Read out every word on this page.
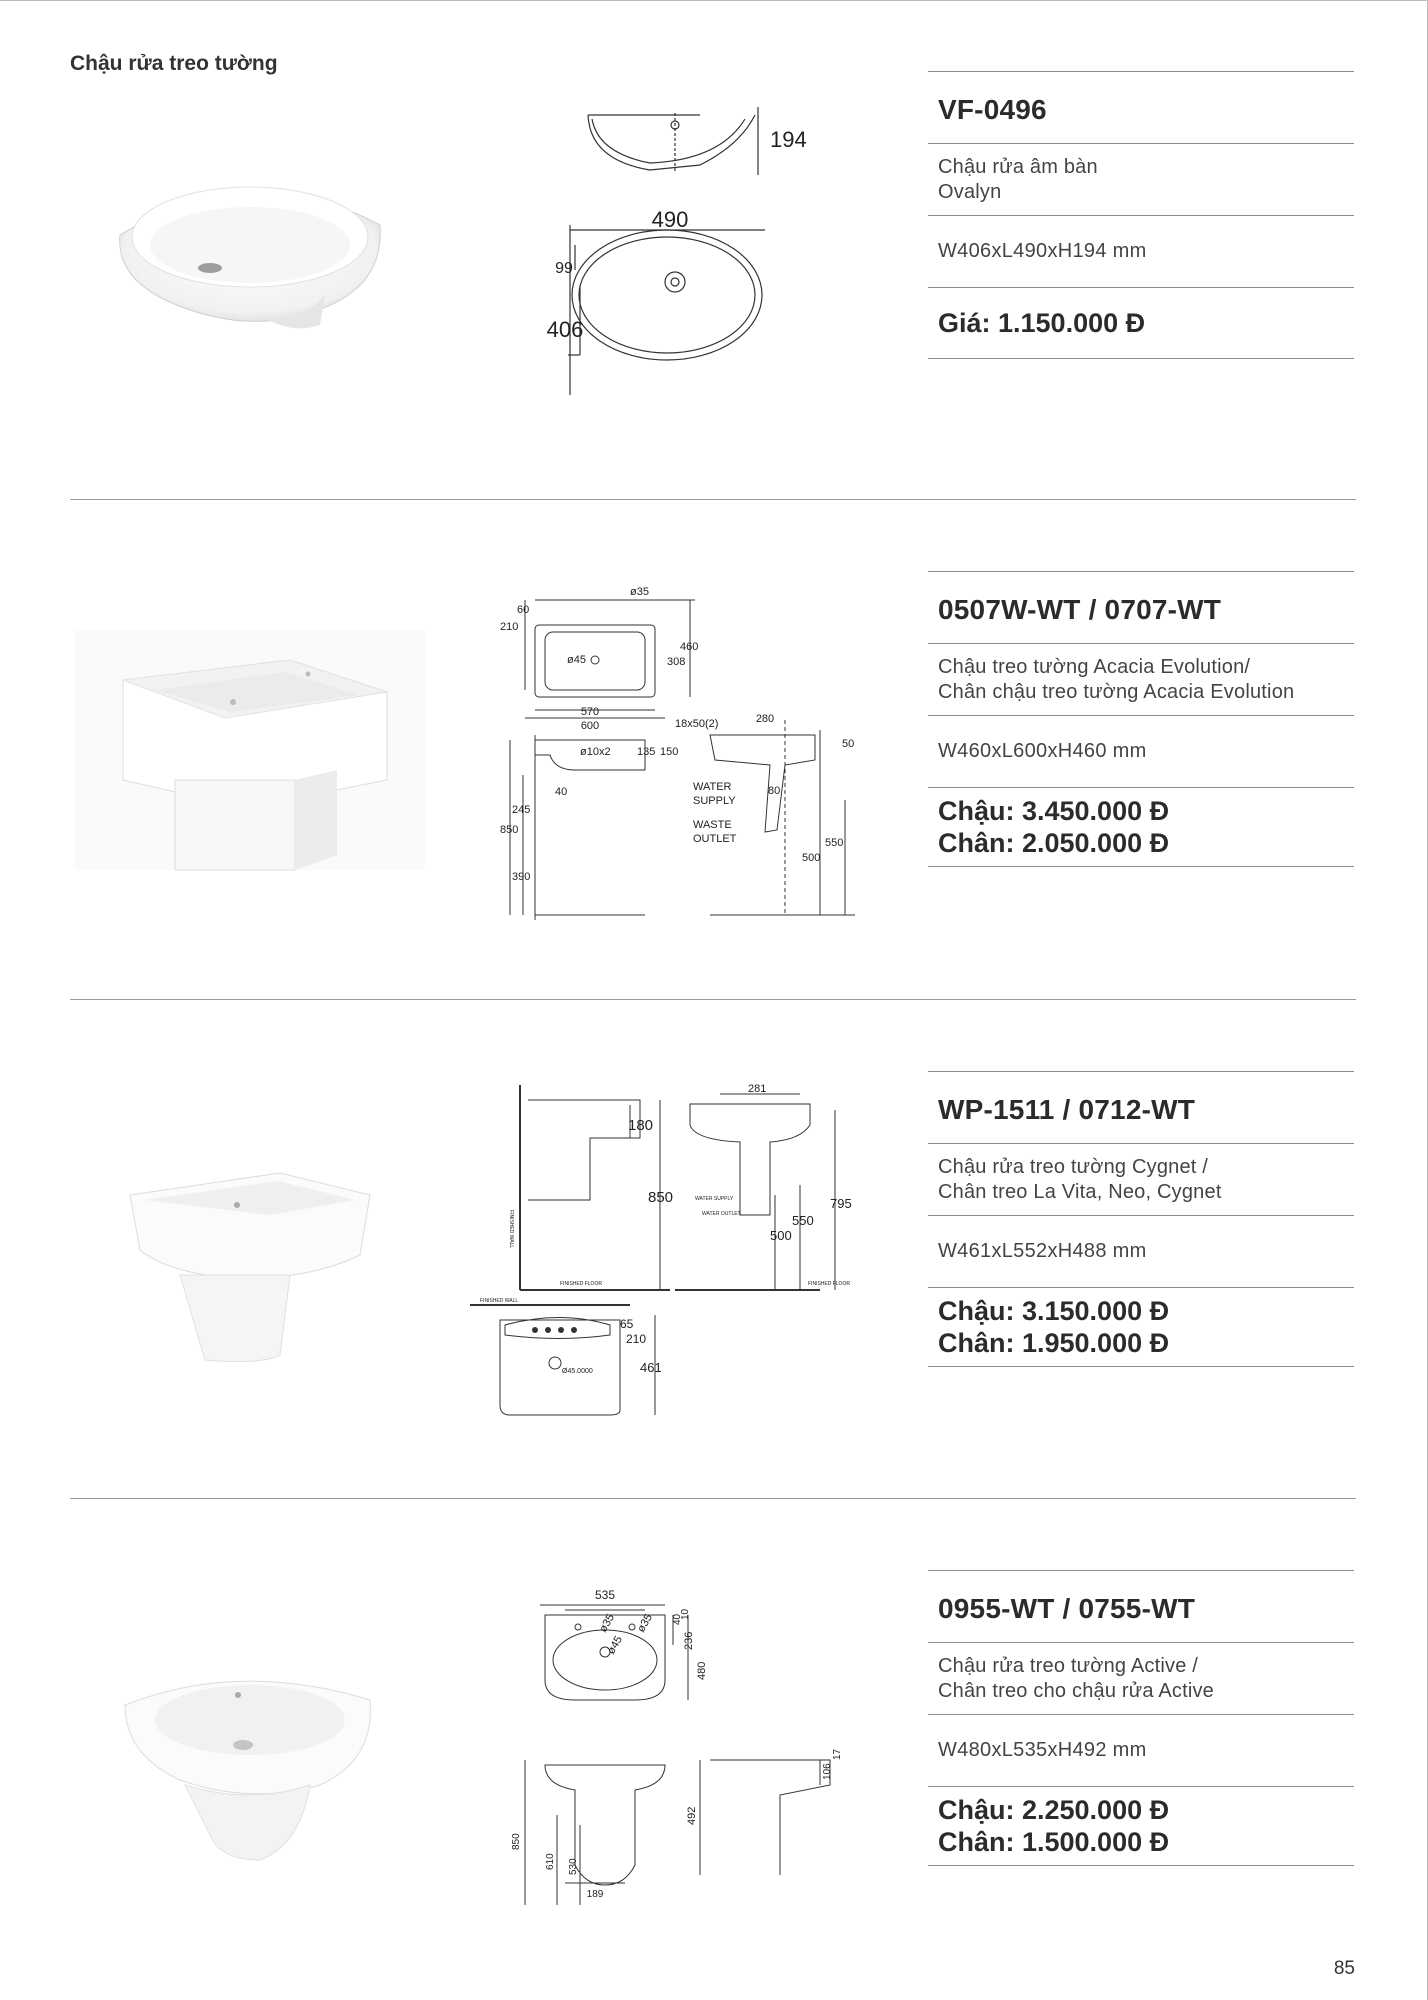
Chậu rửa treo tường
194
490
99
406
VF-0496
Chậu rửa âm bàn
Ovalyn
W406xL490xH194 mm
Giá: 1.150.000 Đ
ø35
60
210
460
ø45	308
570
600	18x50(2)	280
50
ø10x2 135 150
40
245
850
390
WATER
SUPPLY
80
WASTE
OUTLET	550
500
0507W-WT / 0707-WT
Chậu treo tường Acacia Evolution/
Chân chậu treo tường Acacia Evolution
W460xL600xH460 mm
Chậu: 3.450.000 Đ
Chân: 2.050.000 Đ
281
180
850	795
550
500
FINISHED WALL
FINISHED FLOOR	FINISHED FLOOR
FINISHED WALL
WATER SUPPLY
WATER OUTLET
65
210
461
Ø45.0000
WP-1511 / 0712-WT
Chậu rửa treo tường Cygnet /
Chân treo La Vita, Neo, Cygnet
W461xL552xH488 mm
Chậu: 3.150.000 Đ
Chân: 1.950.000 Đ
535
ø35 ø35
ø45
40
10
236
480
850
610 530
189
492
106
17
0955-WT / 0755-WT
Chậu rửa treo tường Active /
Chân treo cho chậu rửa Active
W480xL535xH492 mm
Chậu: 2.250.000 Đ
Chân: 1.500.000 Đ
85
